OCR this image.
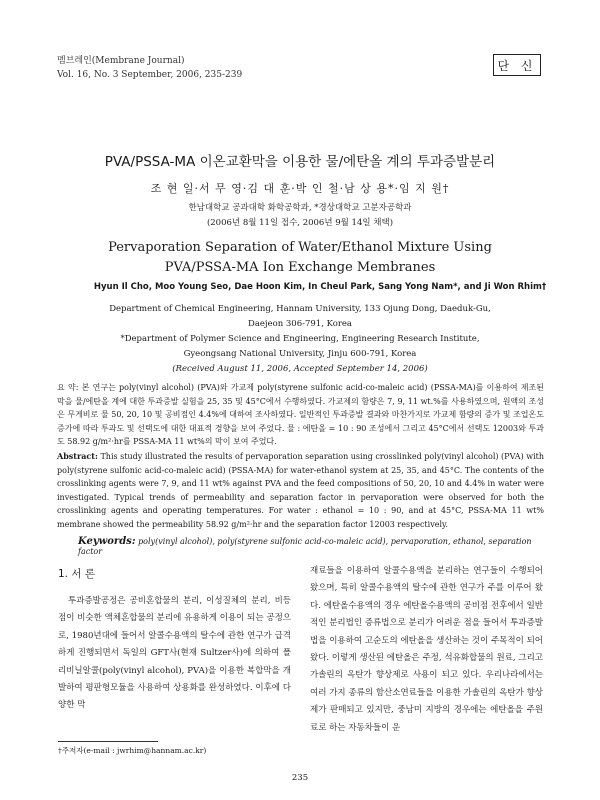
멤브레인(Membrane Journal)
Vol. 16, No. 3 September, 2006, 235-239
단 신
PVA/PSSA-MA 이온교환막을 이용한 물/에탄올 계의 투과증발분리
조 현 일·서 무 영·김 대 훈·박 인 철·남 상 용*·임 지 원†
한남대학교 공과대학 화학공학과, *경상대학교 고분자공학과
(2006년 8월 11일 접수, 2006년 9월 14일 채택)
Pervaporation Separation of Water/Ethanol Mixture Using
PVA/PSSA-MA Ion Exchange Membranes
Hyun Il Cho, Moo Young Seo, Dae Hoon Kim, In Cheul Park, Sang Yong Nam*, and Ji Won Rhim†
Department of Chemical Engineering, Hannam University, 133 Ojung Dong, Daeduk-Gu,
Daejeon 306-791, Korea
*Department of Polymer Science and Engineering, Engineering Research Institute,
Gyeongsang National University, Jinju 600-791, Korea
(Received August 11, 2006, Accepted September 14, 2006)
요 약: 본 연구는 poly(vinyl alcohol) (PVA)와 가교제 poly(styrene sulfonic acid-co-maleic acid) (PSSA-MA)를 이용하여 제조된 막을 물/에탄올 계에 대한 투과증발 실험을 25, 35 및 45°C에서 수행하였다. 가교제의 함량은 7, 9, 11 wt.%를 사용하였으며, 원액의 조성은 무게비로 물 50, 20, 10 및 공비점인 4.4%에 대하여 조사하였다. 일반적인 투과증발 결과와 마찬가지로 가교제 함량의 증가 및 조업온도 증가에 따라 투과도 및 선택도에 대한 대표적 경향을 보여 주었다. 물 : 에탄올 = 10 : 90 조성에서 그리고 45°C에서 선택도 12003와 투과도 58.92 g/m²·hr를 PSSA-MA 11 wt%의 막이 보여 주었다.
Abstract: This study illustrated the results of pervaporation separation using crosslinked poly(vinyl alcohol) (PVA) with poly(styrene sulfonic acid-co-maleic acid) (PSSA-MA) for water-ethanol system at 25, 35, and 45°C. The contents of the crosslinking agents were 7, 9, and 11 wt% against PVA and the feed compositions of 50, 20, 10 and 4.4% in water were investigated. Typical trends of permeability and separation factor in pervaporation were observed for both the crosslinking agents and operating temperatures. For water : ethanol = 10 : 90, and at 45°C, PSSA-MA 11 wt% membrane showed the permeability 58.92 g/m²·hr and the separation factor 12003 respectively.
Keywords: poly(vinyl alcohol), poly(styrene sulfonic acid-co-maleic acid), pervaporation, ethanol, separation factor
1. 서 론

투과증발공정은 공비혼합물의 분리, 이성질체의 분리, 비등점이 비슷한 액체혼합물의 분리에 유용하게 이용이 되는 공정으로, 1980년대에 들어서 알콜수용액의 탈수에 관한 연구가 급격하게 진행되면서 독일의 GFT사(현재 Sultzer사)에 의하여 폴리비닐알콜(poly(vinyl alcohol), PVA)을 이용한 복합막을 개발하여 평판형모듈을 사용하여 상용화를 완성하였다. 이후에 다양한 막

재료들을 이용하여 알콜수용액을 분리하는 연구들이 수행되어 왔으며, 특히 알콜수용액의 탈수에 관한 연구가 주를 이루어 왔다. 에탄올수용액의 경우 에탄올수용액의 공비점 전후에서 일반적인 분리법인 증류법으로 분리가 어려운 점을 들어서 투과증발법을 이용하여 고순도의 에탄올을 생산하는 것이 주목적이 되어 왔다. 이렇게 생산된 에탄올은 주정, 석유화합물의 원료, 그리고 가솔린의 옥탄가 향상제로 사용이 되고 있다. 우리나라에서는 여러 가지 종류의 함산소연료들을 이용한 가솔린의 옥탄가 향상제가 판매되고 있지만, 중남미 지방의 경우에는 에탄올을 주원료로 하는 자동차들이 운

†주저자(e-mail : jwrhim@hannam.ac.kr)
235
